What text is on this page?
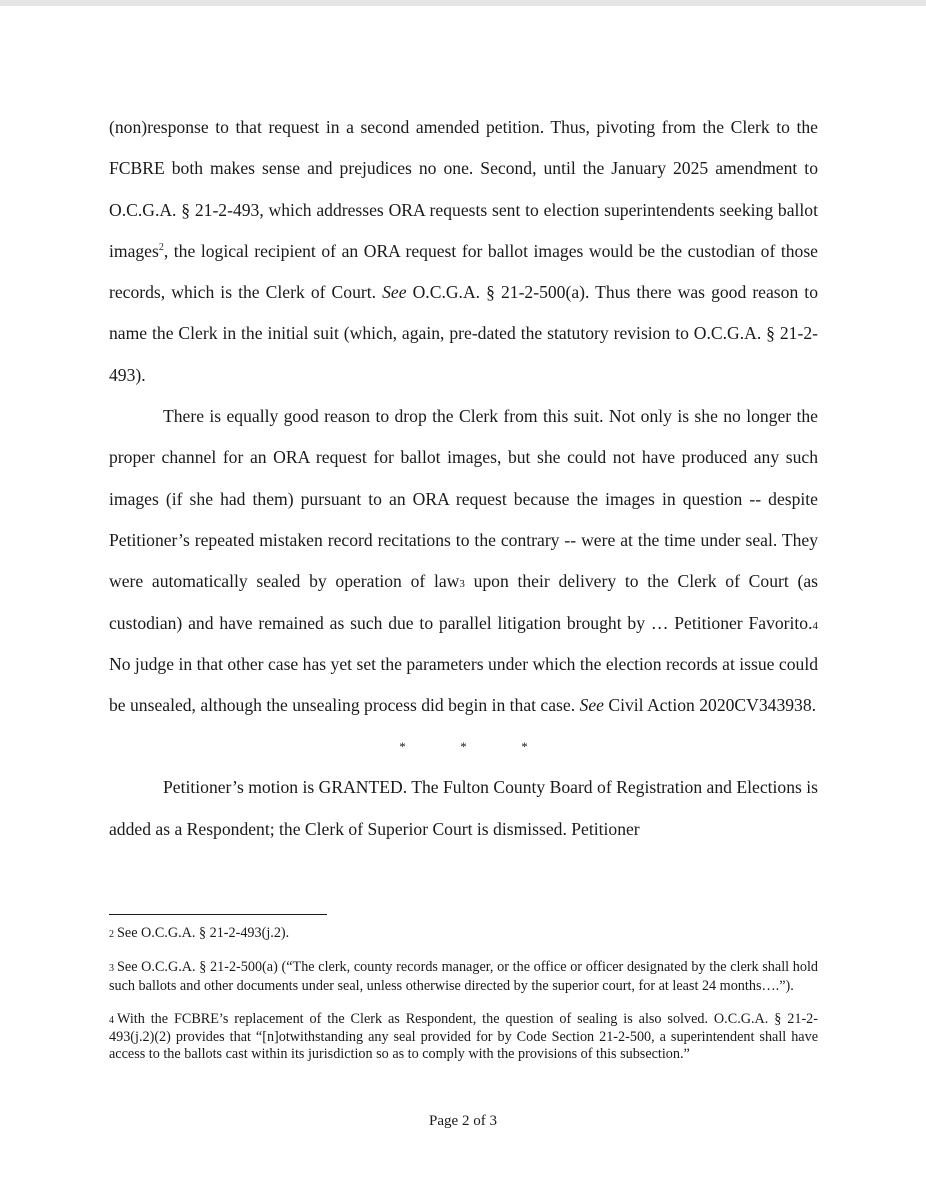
(non)response to that request in a second amended petition. Thus, pivoting from the Clerk to the FCBRE both makes sense and prejudices no one. Second, until the January 2025 amendment to O.C.G.A. § 21-2-493, which addresses ORA requests sent to election superintendents seeking ballot images$^2$, the logical recipient of an ORA request for ballot images would be the custodian of those records, which is the Clerk of Court. See O.C.G.A. § 21-2-500(a). Thus there was good reason to name the Clerk in the initial suit (which, again, pre-dated the statutory revision to O.C.G.A. § 21-2-493).

There is equally good reason to drop the Clerk from this suit. Not only is she no longer the proper channel for an ORA request for ballot images, but she could not have produced any such images (if she had them) pursuant to an ORA request because the images in question -- despite Petitioner’s repeated mistaken record recitations to the contrary -- were at the time under seal. They were automatically sealed by operation of law3 upon their delivery to the Clerk of Court (as custodian) and have remained as such due to parallel litigation brought by … Petitioner Favorito.4 No judge in that other case has yet set the parameters under which the election records at issue could be unsealed, although the unsealing process did begin in that case. See Civil Action 2020CV343938.

*	*	*

Petitioner’s motion is GRANTED. The Fulton County Board of Registration and Elections is added as a Respondent; the Clerk of Superior Court is dismissed. Petitioner

2 See O.C.G.A. § 21-2-493(j.2).

3 See O.C.G.A. § 21-2-500(a) (“The clerk, county records manager, or the office or officer designated by the clerk shall hold such ballots and other documents under seal, unless otherwise directed by the superior court, for at least 24 months….”).

4 With the FCBRE’s replacement of the Clerk as Respondent, the question of sealing is also solved. O.C.G.A. § 21-2-493(j.2)(2) provides that “[n]otwithstanding any seal provided for by Code Section 21-2-500, a superintendent shall have access to the ballots cast within its jurisdiction so as to comply with the provisions of this subsection.”

Page 2 of 3
